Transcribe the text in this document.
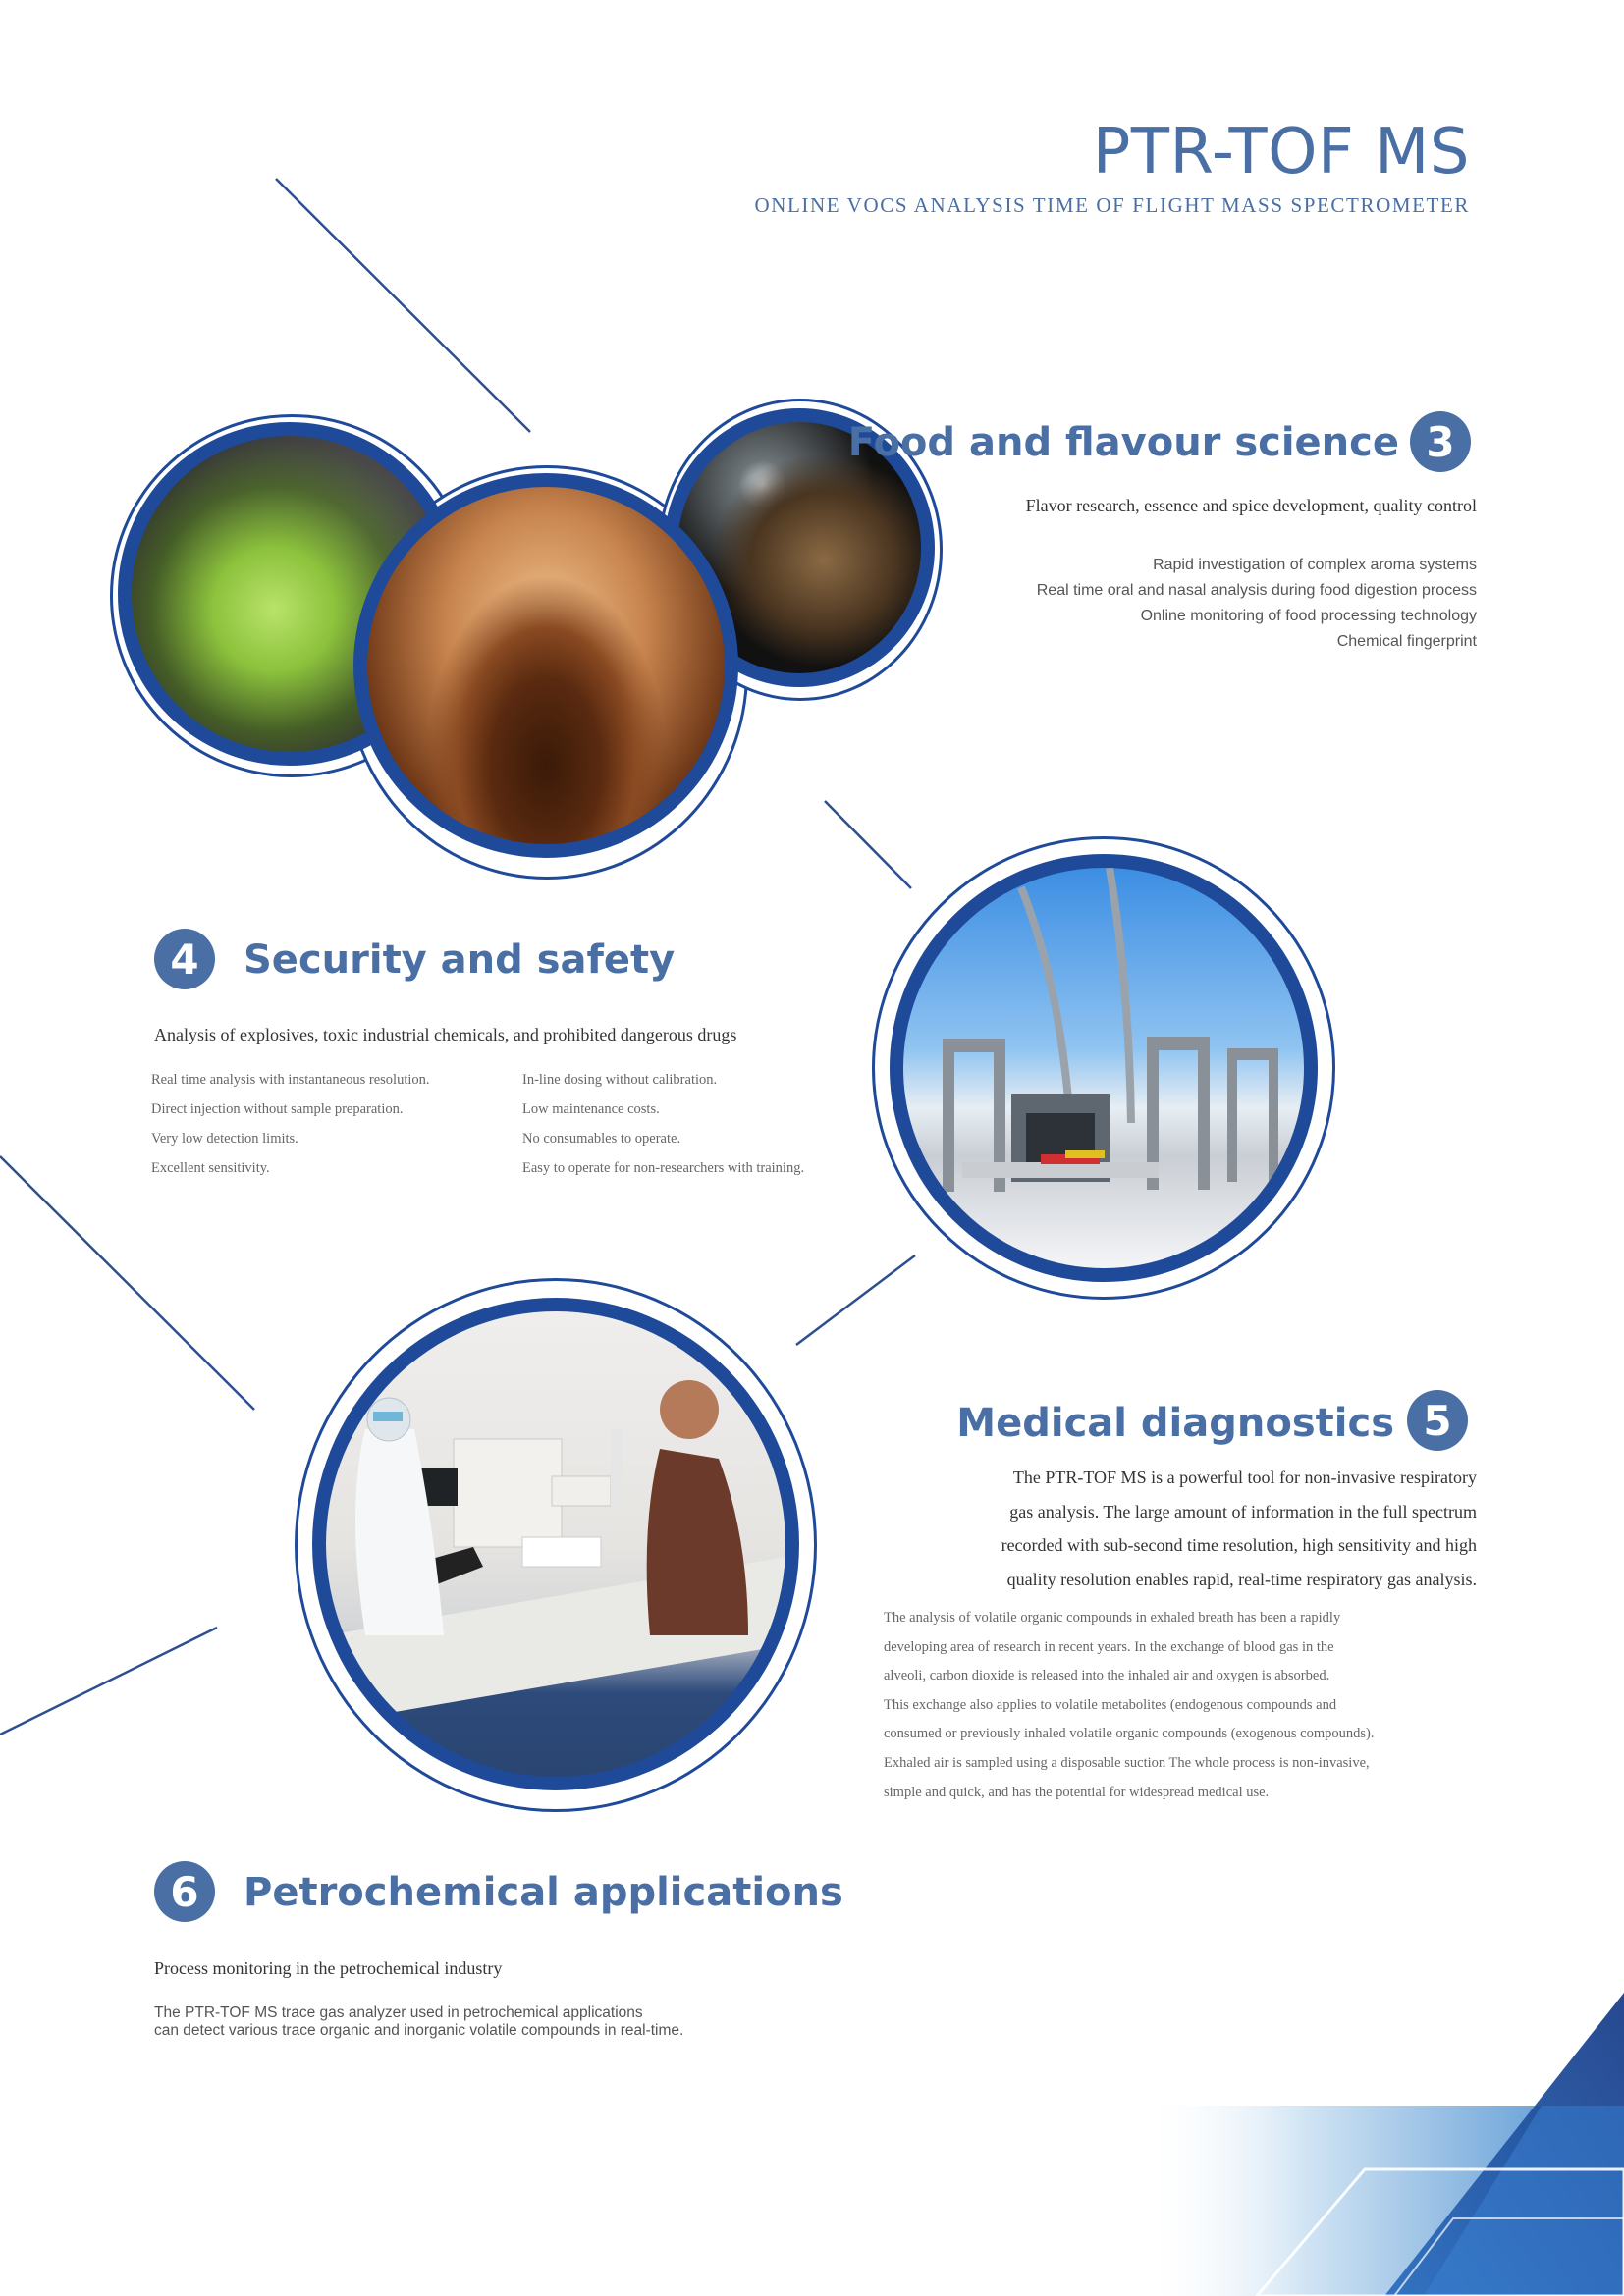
PTR-TOF MS
ONLINE VOCS ANALYSIS TIME OF FLIGHT MASS SPECTROMETER
Food and flavour science 3
Flavor research, essence and spice development, quality control
Rapid investigation of complex aroma systems
Real time oral and nasal analysis during food digestion process
Online monitoring of food processing technology
Chemical fingerprint
4	Security and safety
Analysis of explosives, toxic industrial chemicals, and prohibited dangerous drugs
Real time analysis with instantaneous resolution.
Direct injection without sample preparation.
Very low detection limits.
Excellent sensitivity.
In-line dosing without calibration.
Low maintenance costs.
No consumables to operate.
Easy to operate for non-researchers with training.
Medical diagnostics 5
The PTR-TOF MS is a powerful tool for non-invasive respiratory
gas analysis. The large amount of information in the full spectrum
recorded with sub-second time resolution, high sensitivity and high
quality resolution enables rapid, real-time respiratory gas analysis.
The analysis of volatile organic compounds in exhaled breath has been a rapidly
developing area of research in recent years. In the exchange of blood gas in the
alveoli, carbon dioxide is released into the inhaled air and oxygen is absorbed.
This exchange also applies to volatile metabolites (endogenous compounds and
consumed or previously inhaled volatile organic compounds (exogenous compounds).
Exhaled air is sampled using a disposable suction The whole process is non-invasive,
simple and quick, and has the potential for widespread medical use.
6	Petrochemical applications
Process monitoring in the petrochemical industry
The PTR-TOF MS trace gas analyzer used in petrochemical applications
can detect various trace organic and inorganic volatile compounds in real-time.
